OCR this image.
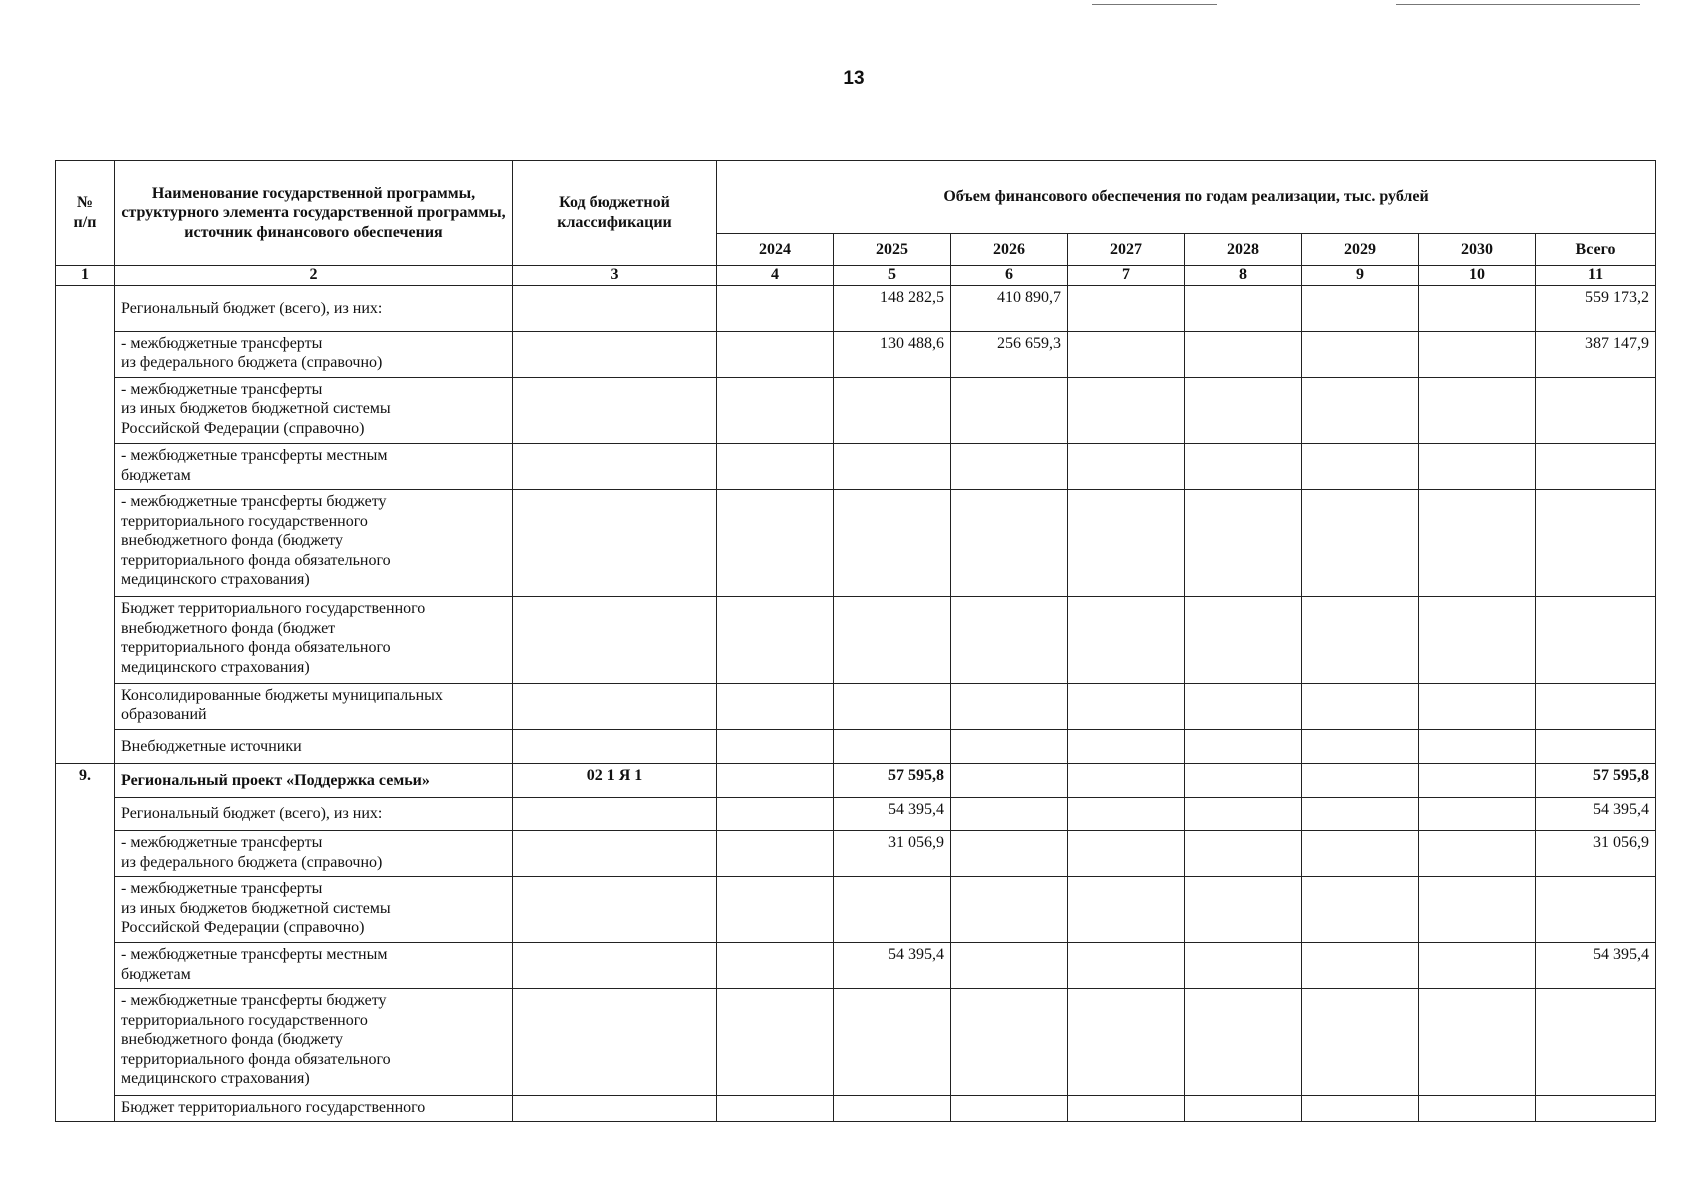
13
№
п/п	Наименование государственной программы, структурного элемента государственной программы, источник финансового обеспечения	Код бюджетной классификации	Объем финансового обеспечения по годам реализации, тыс. рублей							
			2024	2025	2026	2027	2028	2029	2030	Всего
1	2	3	4	5	6	7	8	9	10	11
	Региональный бюджет (всего), из них:			148 282,5	410 890,7					559 173,2
	- межбюджетные трансферты
из федерального бюджета (справочно)			130 488,6	256 659,3					387 147,9
	- межбюджетные трансферты
из иных бюджетов бюджетной системы
Российской Федерации (справочно)									
	- межбюджетные трансферты местным
бюджетам									
	- межбюджетные трансферты бюджету
территориального государственного
внебюджетного фонда (бюджету
территориального фонда обязательного
медицинского страхования)									
	Бюджет территориального государственного
внебюджетного фонда (бюджет
территориального фонда обязательного
медицинского страхования)									
	Консолидированные бюджеты муниципальных
образований									
	Внебюджетные источники									
9.	Региональный проект «Поддержка семьи»	02 1 Я 1		57 595,8						57 595,8
	Региональный бюджет (всего), из них:			54 395,4						54 395,4
	- межбюджетные трансферты
из федерального бюджета (справочно)			31 056,9						31 056,9
	- межбюджетные трансферты
из иных бюджетов бюджетной системы
Российской Федерации (справочно)									
	- межбюджетные трансферты местным
бюджетам			54 395,4						54 395,4
	- межбюджетные трансферты бюджету
территориального государственного
внебюджетного фонда (бюджету
территориального фонда обязательного
медицинского страхования)									
	Бюджет территориального государственного									
